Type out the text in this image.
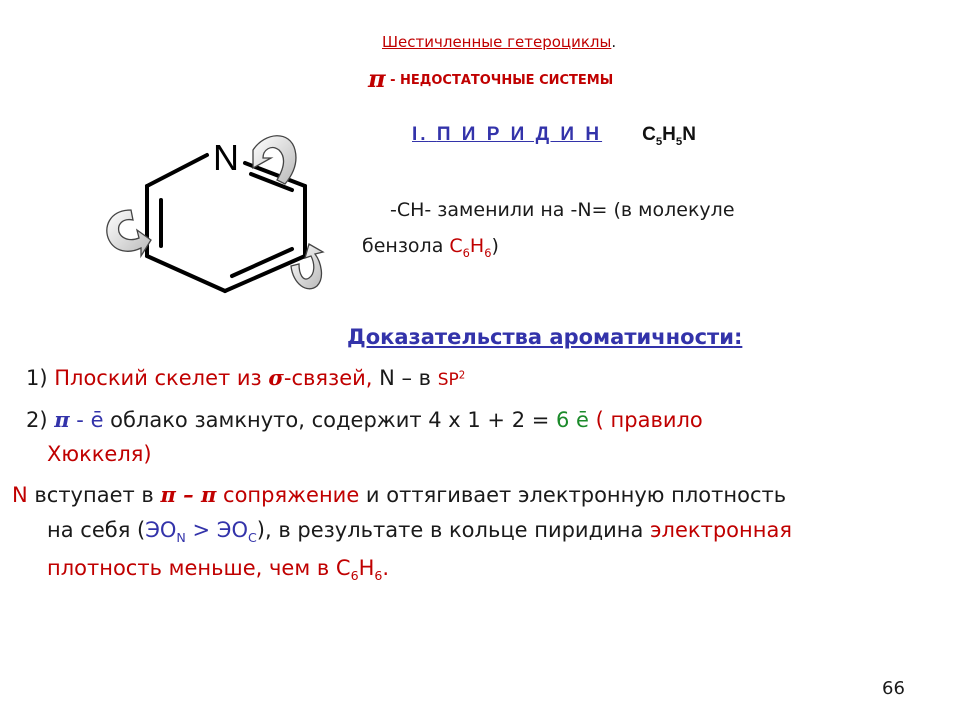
Шестичленные гетероциклы.
π - НЕДОСТАТОЧНЫЕ СИСТЕМЫ
I. П И Р И Д И Н $C_5H_5N$
N
-CH- заменили на -N= (в молекуле
бензола $C_6H_6$)
Доказательства ароматичности:
1) Плоский скелет из σ-связей, N – в $SP^2$
2) π - ē облако замкнуто, содержит 4 х 1 + 2 = 6 ē ( правило
Хюккеля)
N вступает в π – π сопряжение и оттягивает электронную плотность
на себя $(ЭО_N > ЭО_C)$, в результате в кольце пиридина электронная
плотность меньше, чем в $С_6Н_6$.
66
